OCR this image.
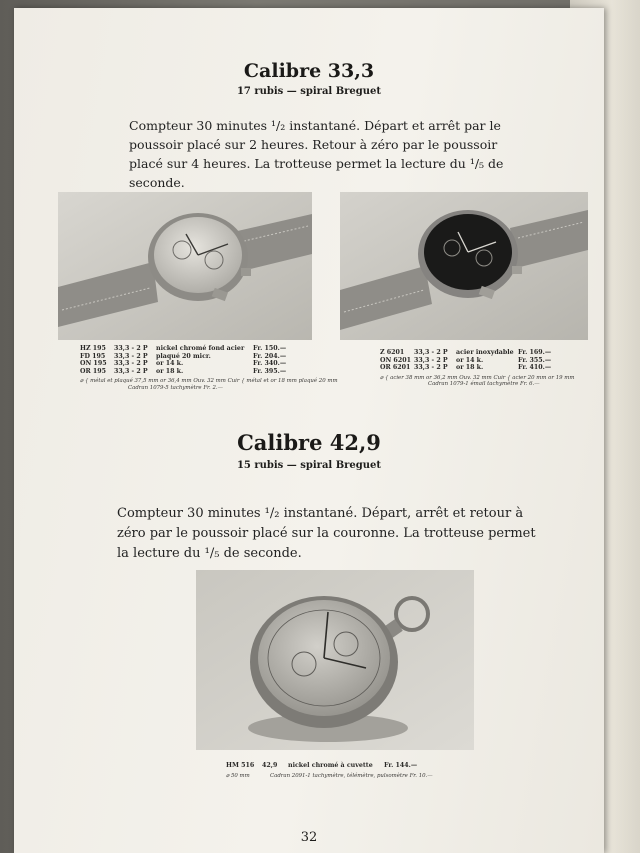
Calibre 33,3
17 rubis — spiral Breguet
Compteur 30 minutes ¹/₂ instantané. Départ et arrêt par le poussoir placé sur 2 heures. Retour à zéro par le poussoir placé sur 4 heures. La trotteuse permet la lecture du ¹/₅ de seconde.
HZ 195 33,3 - 2 P nickel chromé fond acier Fr. 150.—
FD 195 33,3 - 2 P plaqué 20 micr.	Fr. 204.—
ON 195 33,3 - 2 P or 14 k.	Fr. 340.—
OR 195 33,3 - 2 P or 18 k.	Fr. 395.—
⌀ { métal et plaqué 37,5 mm or 36,4 mm Ouv. 32 mm Cuir { métal et or 18 mm plaqué 20 mm
Cadran 1079-5 tachymètre Fr. 2.—
Z 6201 33,3 - 2 P acier inoxydable Fr. 169.—
ON 6201 33,3 - 2 P or 14 k.	Fr. 355.—
OR 6201 33,3 - 2 P or 18 k.	Fr. 410.—
⌀ { acier 38 mm or 36,2 mm Ouv. 32 mm Cuir { acier 20 mm or 19 mm
Cadran 1079-1 émail tachymètre Fr. 6.—
Calibre 42,9
15 rubis — spiral Breguet
Compteur 30 minutes ¹/₂ instantané. Départ, arrêt et retour à zéro par le poussoir placé sur la couronne. La trotteuse permet la lecture du ¹/₅ de seconde.
HM 516 42,9 nickel chromé à cuvette Fr. 144.—
⌀ 50 mm	Cadran 2091-1 tachymètre, télémètre, pulsomètre Fr. 10.—
32
